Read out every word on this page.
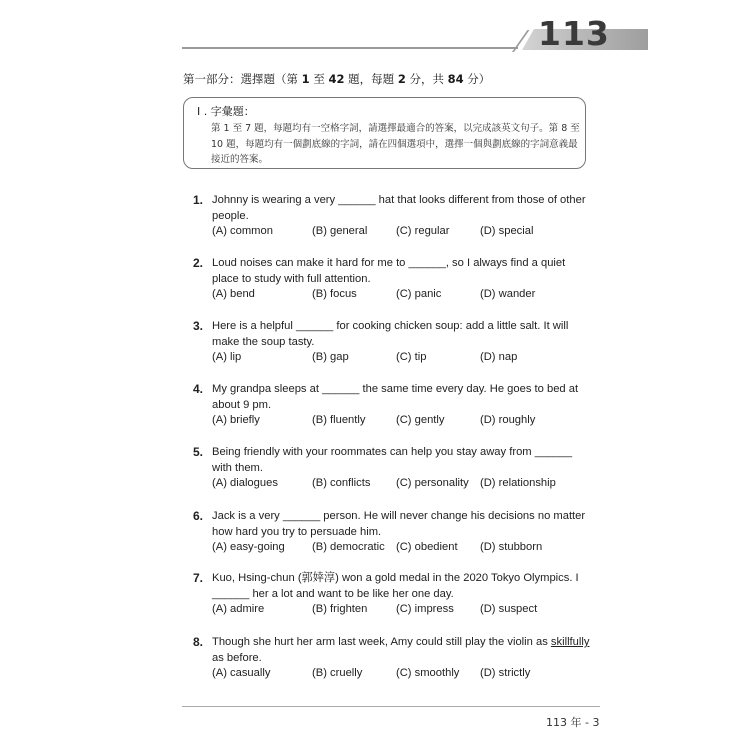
113
第一部分：選擇題（第 1 至 42 題，每題 2 分，共 84 分）

I . 字彙題：

第 1 至 7 題，每題均有一空格字詞，請選擇最適合的答案，以完成該英文句子。第 8 至
10 題，每題均有一個劃底線的字詞，請在四個選項中，選擇一個與劃底線的字詞意義最
接近的答案。

1. Johnny is wearing a very ______ hat that looks different from those of other people.

(A) common	(B) general	(C) regular	(D) special
2. Loud noises can make it hard for me to ______, so I always find a quiet place to study with full attention.

(A) bend	(B) focus	(C) panic	(D) wander
3. Here is a helpful ______ for cooking chicken soup: add a little salt. It will make the soup tasty.

(A) lip	(B) gap	(C) tip	(D) nap
4. My grandpa sleeps at ______ the same time every day. He goes to bed at about 9 pm.

(A) briefly	(B) fluently	(C) gently	(D) roughly
5. Being friendly with your roommates can help you stay away from ______ with them.

(A) dialogues	(B) conflicts (C) personality (D) relationship
6. Jack is a very ______ person. He will never change his decisions no matter how hard you try to persuade him.

(A) easy-going (B) democratic (C) obedient (D) stubborn
7. Kuo, Hsing-chun (郭婞淳) won a gold medal in the 2020 Tokyo Olympics. I ______ her a lot and want to be like her one day.

(A) admire	(B) frighten	(C) impress (D) suspect
8. Though she hurt her arm last week, Amy could still play the violin as skillfully as before.

(A) casually	(B) cruelly	(C) smoothly (D) strictly
113 年 - 3
